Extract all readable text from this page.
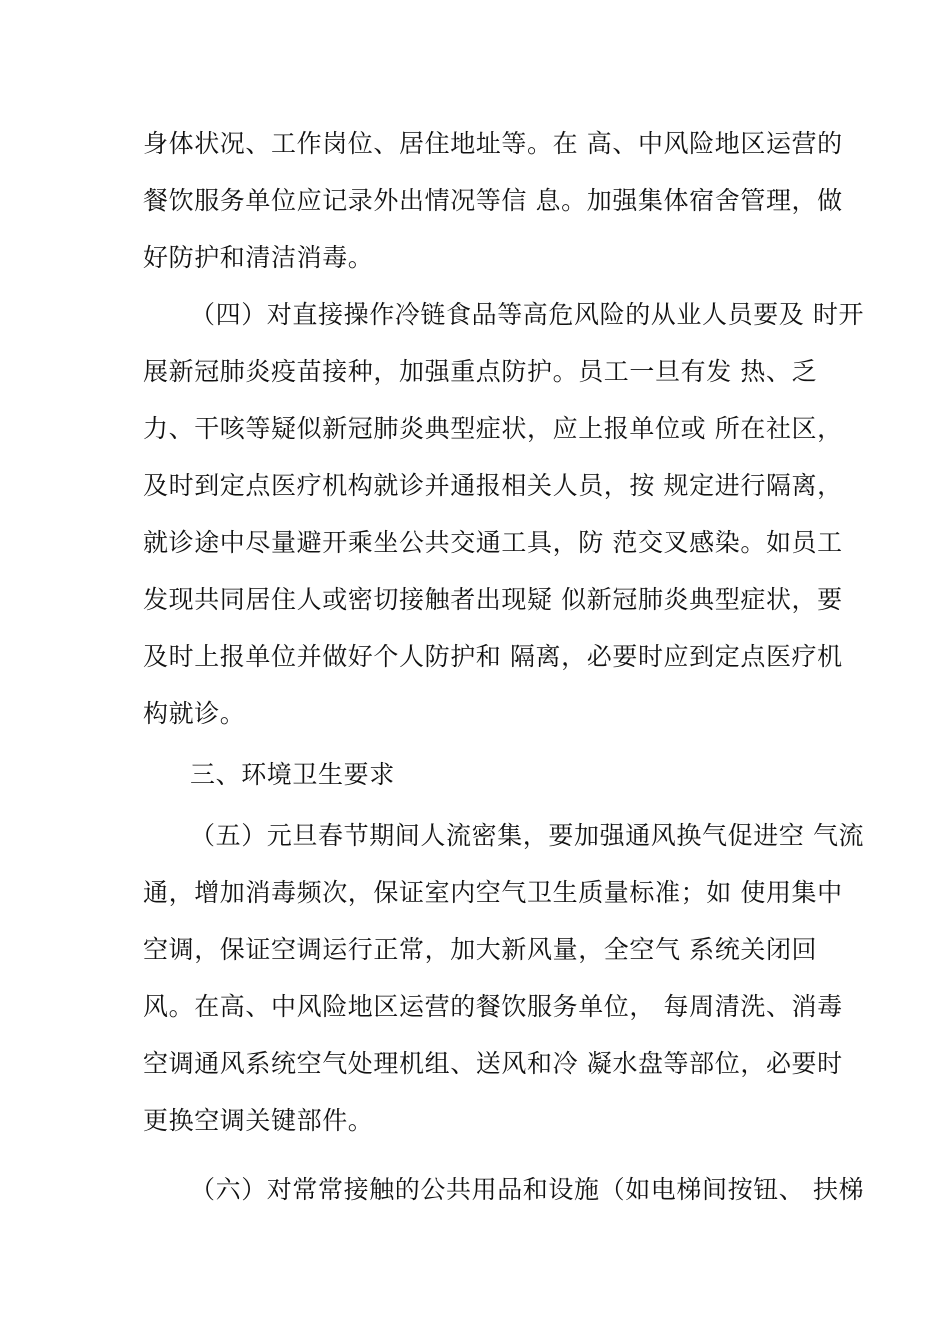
身体状况、工作岗位、居住地址等。在 高、中风险地区运营的
餐饮服务单位应记录外出情况等信 息。加强集体宿舍管理，做
好防护和清洁消毒。
（四）对直接操作冷链食品等高危风险的从业人员要及 时开
展新冠肺炎疫苗接种，加强重点防护。员工一旦有发 热、乏
力、干咳等疑似新冠肺炎典型症状，应上报单位或 所在社区，
及时到定点医疗机构就诊并通报相关人员，按 规定进行隔离，
就诊途中尽量避开乘坐公共交通工具，防 范交叉感染。如员工
发现共同居住人或密切接触者出现疑 似新冠肺炎典型症状，要
及时上报单位并做好个人防护和 隔离，必要时应到定点医疗机
构就诊。
三、环境卫生要求
（五）元旦春节期间人流密集，要加强通风换气促进空 气流
通，增加消毒频次，保证室内空气卫生质量标准；如 使用集中
空调，保证空调运行正常，加大新风量，全空气 系统关闭回
风。在高、中风险地区运营的餐饮服务单位， 每周清洗、消毒
空调通风系统空气处理机组、送风和冷 凝水盘等部位，必要时
更换空调关键部件。
（六）对常常接触的公共用品和设施（如电梯间按钮、 扶梯
